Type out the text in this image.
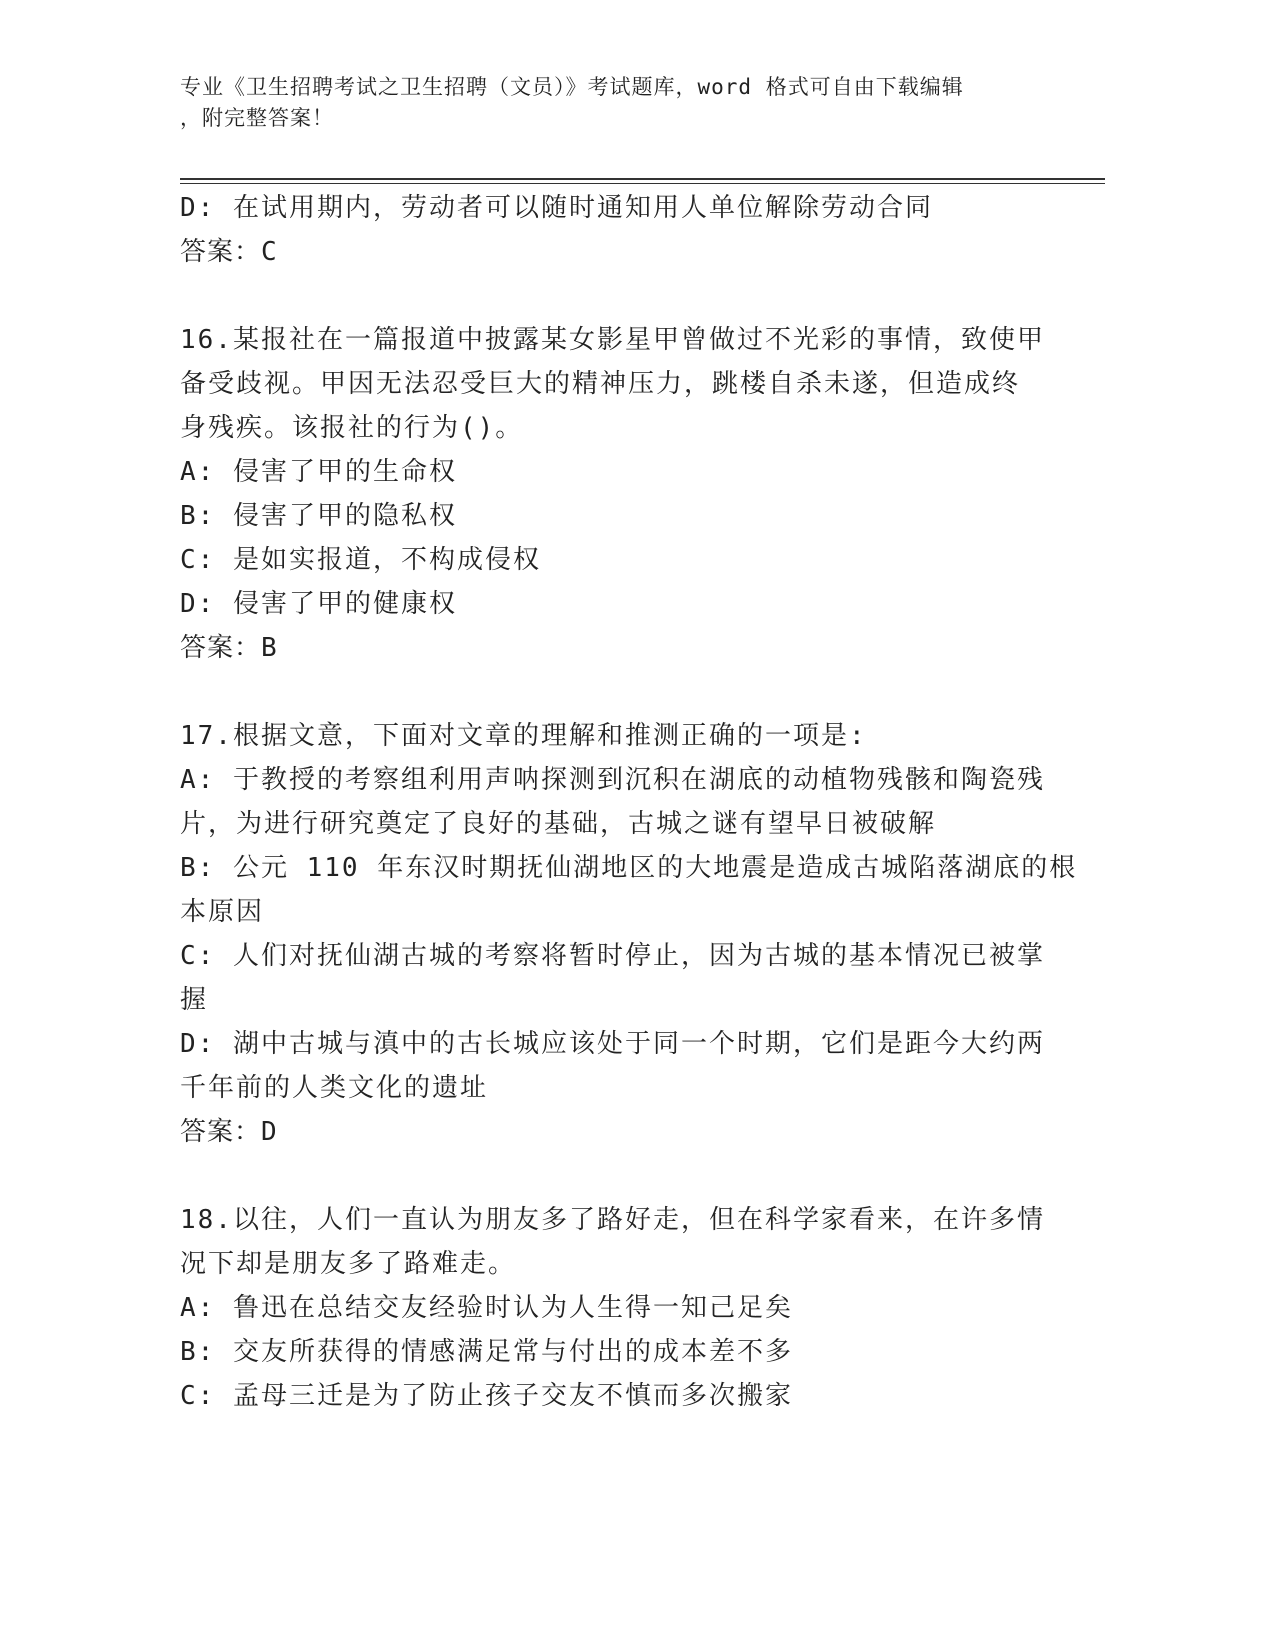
专业《卫生招聘考试之卫生招聘（文员）》考试题库，word 格式可自由下载编辑
，附完整答案！
D: 在试用期内，劳动者可以随时通知用人单位解除劳动合同
答案：C
16.某报社在一篇报道中披露某女影星甲曾做过不光彩的事情，致使甲
备受歧视。甲因无法忍受巨大的精神压力，跳楼自杀未遂，但造成终
身残疾。该报社的行为()。
A: 侵害了甲的生命权
B: 侵害了甲的隐私权
C: 是如实报道，不构成侵权
D: 侵害了甲的健康权
答案：B
17.根据文意，下面对文章的理解和推测正确的一项是:
A: 于教授的考察组利用声呐探测到沉积在湖底的动植物残骸和陶瓷残
片，为进行研究奠定了良好的基础，古城之谜有望早日被破解
B: 公元 110 年东汉时期抚仙湖地区的大地震是造成古城陷落湖底的根
本原因
C: 人们对抚仙湖古城的考察将暂时停止，因为古城的基本情况已被掌
握
D: 湖中古城与滇中的古长城应该处于同一个时期，它们是距今大约两
千年前的人类文化的遗址
答案：D
18.以往，人们一直认为朋友多了路好走，但在科学家看来，在许多情
况下却是朋友多了路难走。
A: 鲁迅在总结交友经验时认为人生得一知己足矣
B: 交友所获得的情感满足常与付出的成本差不多
C: 孟母三迁是为了防止孩子交友不慎而多次搬家
